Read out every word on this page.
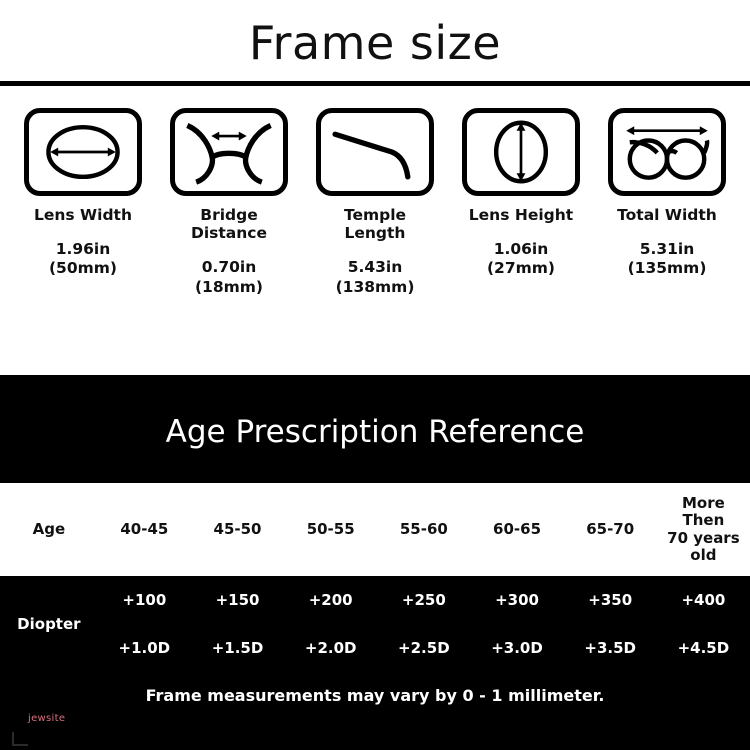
Frame size
Lens Width
1.96in
(50mm)
Bridge
Distance
0.70in
(18mm)
Temple
Length
5.43in
(138mm)
Lens Height
1.06in
(27mm)
Total Width
5.31in
(135mm)
Age Prescription Reference
Age	40-45	45-50	50-55	55-60	60-65	65-70	More Then
70 years old

Diopter	+100	+150	+200	+250	+300	+350	+400
	+1.0D	+1.5D	+2.0D	+2.5D	+3.0D	+3.5D	+4.5D
Frame measurements may vary by 0 - 1 millimeter.
jewsite
